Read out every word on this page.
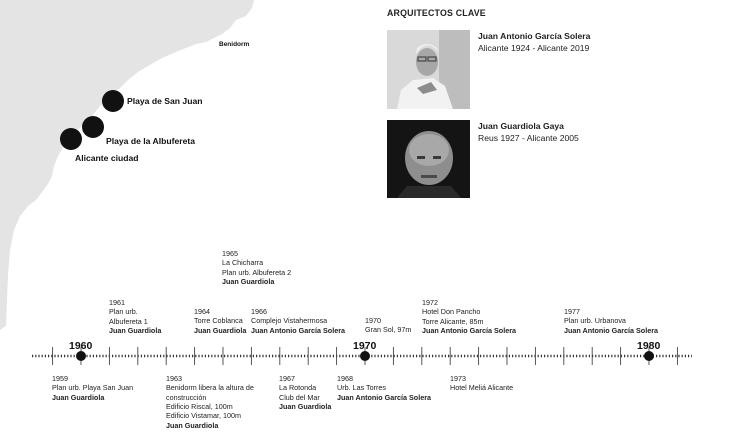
Benidorm
Playa de San Juan
Playa de la Albufereta
Alicante ciudad
ARQUITECTOS CLAVE
Juan Antonio García Solera
Alicante 1924 - Alicante 2019
Juan Guardiola Gaya
Reus 1927 - Alicante 2005
1960	1970	1980
1959
Plan urb. Playa San Juan
Juan Guardiola
1961
Plan urb.
Albufereta 1
Juan Guardiola
1963
Benidorm libera la altura de
construcción
Edificio Riscal, 100m
Edificio Vistamar, 100m
Juan Guardiola
1964
Torre Coblanca
Juan Guardiola
1965
La Chicharra
Plan urb. Albufereta 2
Juan Guardiola
1966
Complejo Vistahermosa
Juan Antonio García Solera
1967
La Rotonda
Club del Mar
Juan Guardiola
1968
Urb. Las Torres
Juan Antonio García Solera
1970
Gran Sol, 97m
1972
Hotel Don Pancho
Torre Alicante, 85m
Juan Antonio García Solera
1973
Hotel Meliá Alicante
1977
Plan urb. Urbanova
Juan Antonio García Solera
